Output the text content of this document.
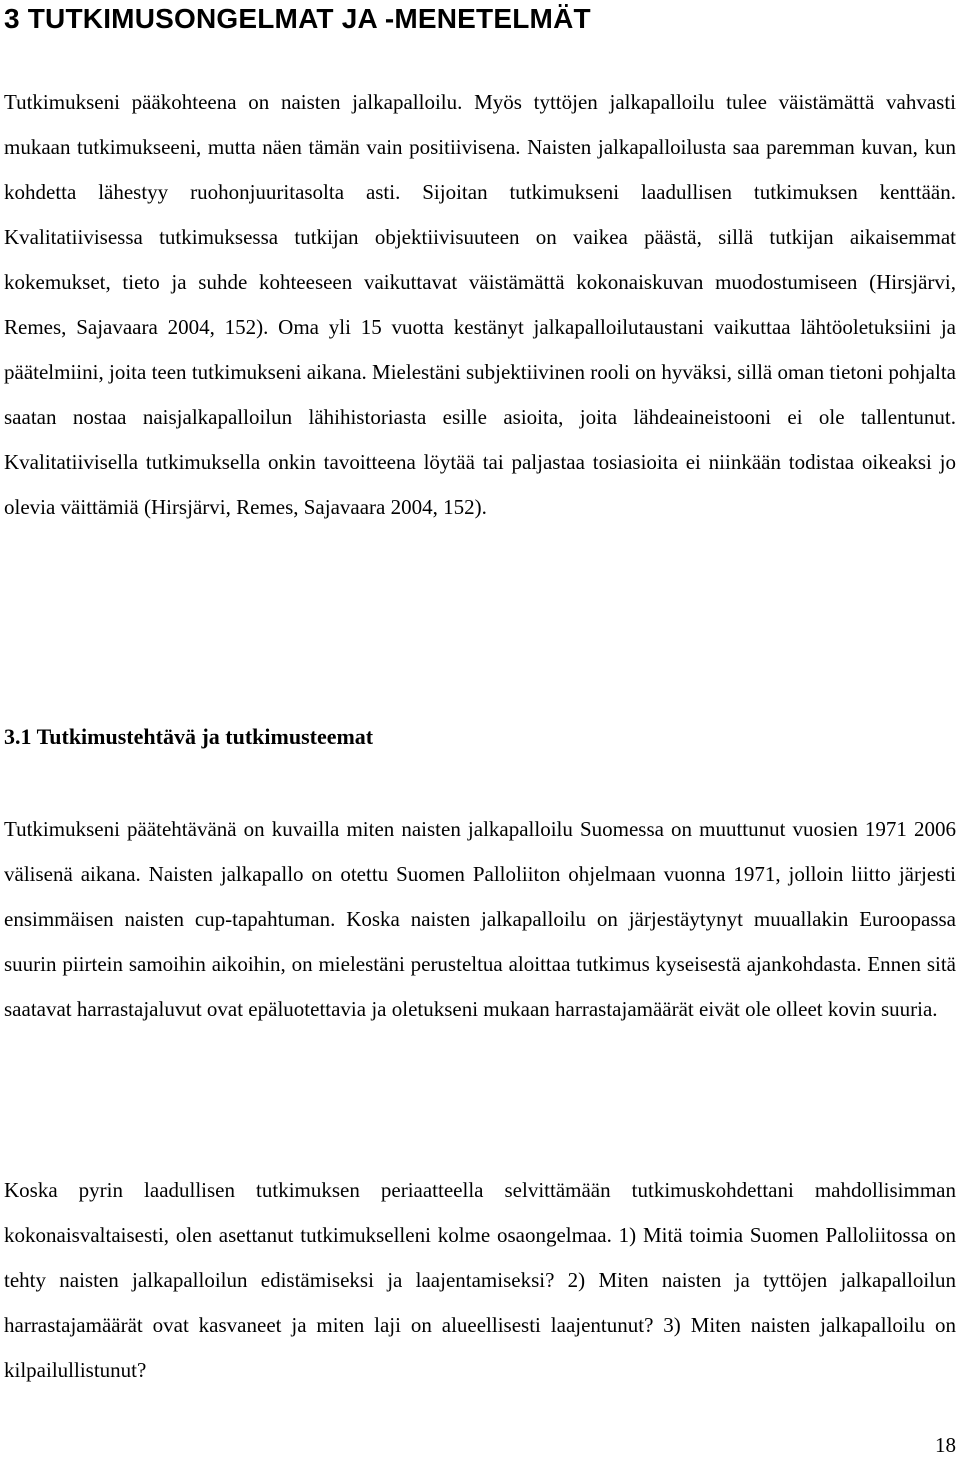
3 TUTKIMUSONGELMAT JA -MENETELMÄT

Tutkimukseni pääkohteena on naisten jalkapalloilu. Myös tyttöjen jalkapalloilu tulee väistämättä vahvasti mukaan tutkimukseeni, mutta näen tämän vain positiivisena. Naisten jalkapalloilusta saa paremman kuvan, kun kohdetta lähestyy ruohonjuuritasolta asti. Sijoitan tutkimukseni laadullisen tutkimuksen kenttään. Kvalitatiivisessa tutkimuksessa tutkijan objektiivisuuteen on vaikea päästä, sillä tutkijan aikaisemmat kokemukset, tieto ja suhde kohteeseen vaikuttavat väistämättä kokonaiskuvan muodostumiseen (Hirsjärvi, Remes, Sajavaara 2004, 152). Oma yli 15 vuotta kestänyt jalkapalloilutaustani vaikuttaa lähtöoletuksiini ja päätelmiini, joita teen tutkimukseni aikana. Mielestäni subjektiivinen rooli on hyväksi, sillä oman tietoni pohjalta saatan nostaa naisjalkapalloilun lähihistoriasta esille asioita, joita lähdeaineistooni ei ole tallentunut. Kvalitatiivisella tutkimuksella onkin tavoitteena löytää tai paljastaa tosiasioita ei niinkään todistaa oikeaksi jo olevia väittämiä (Hirsjärvi, Remes, Sajavaara 2004, 152).

3.1 Tutkimustehtävä ja tutkimusteemat

Tutkimukseni päätehtävänä on kuvailla miten naisten jalkapalloilu Suomessa on muuttunut vuosien 1971 2006 välisenä aikana. Naisten jalkapallo on otettu Suomen Palloliiton ohjelmaan vuonna 1971, jolloin liitto järjesti ensimmäisen naisten cup-tapahtuman. Koska naisten jalkapalloilu on järjestäytynyt muuallakin Euroopassa suurin piirtein samoihin aikoihin, on mielestäni perusteltua aloittaa tutkimus kyseisestä ajankohdasta. Ennen sitä saatavat harrastajaluvut ovat epäluotettavia ja oletukseni mukaan harrastajamäärät eivät ole olleet kovin suuria.

Koska pyrin laadullisen tutkimuksen periaatteella selvittämään tutkimuskohdettani mahdollisimman kokonaisvaltaisesti, olen asettanut tutkimukselleni kolme osaongelmaa. 1) Mitä toimia Suomen Palloliitossa on tehty naisten jalkapalloilun edistämiseksi ja laajentamiseksi? 2) Miten naisten ja tyttöjen jalkapalloilun harrastajamäärät ovat kasvaneet ja miten laji on alueellisesti laajentunut? 3) Miten naisten jalkapalloilu on kilpailullistunut?

18
